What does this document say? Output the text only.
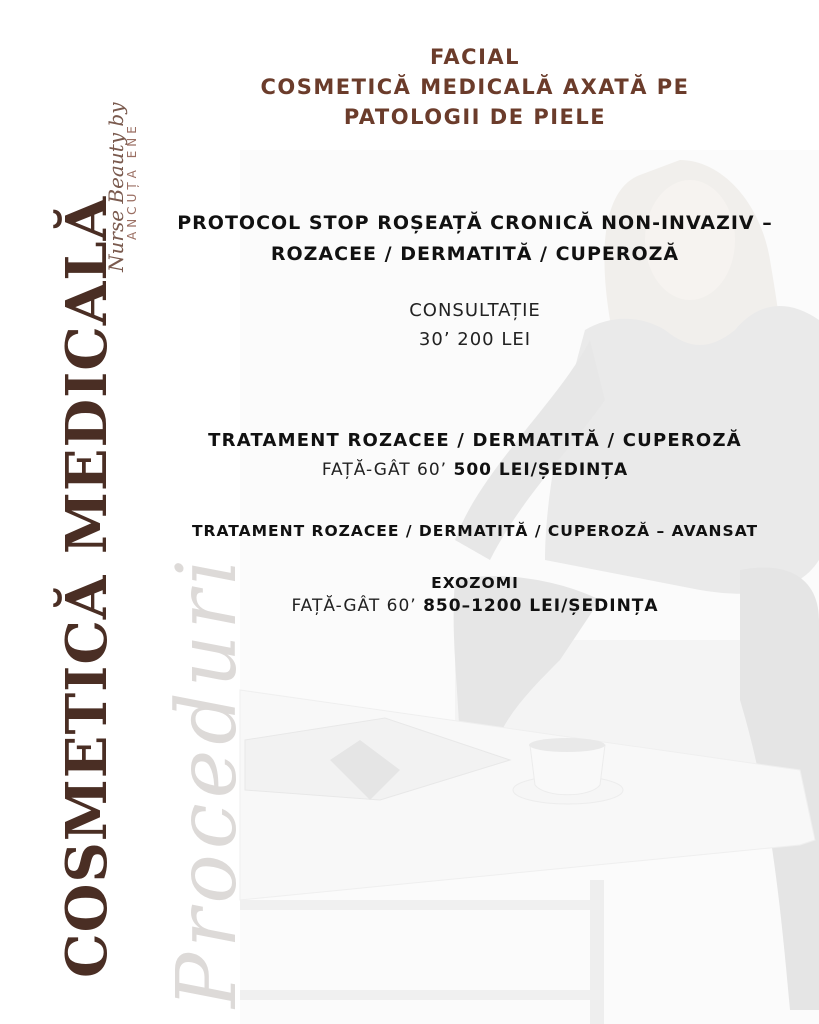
Proceduri
COSMETICĂ MEDICALĂ
Nurse Beauty by
ANCUȚA ENE
FACIAL
COSMETICĂ MEDICALĂ AXATĂ PE
PATOLOGII DE PIELE
PROTOCOL STOP ROȘEAȚĂ CRONICĂ NON-INVAZIV –
ROZACEE / DERMATITĂ / CUPEROZĂ
CONSULTAȚIE
30’ 200 LEI
TRATAMENT ROZACEE / DERMATITĂ / CUPEROZĂ
FAȚĂ-GÂT 60’ 500 LEI/ȘEDINȚA
TRATAMENT ROZACEE / DERMATITĂ / CUPEROZĂ – AVANSAT
EXOZOMI
FAȚĂ-GÂT 60’ 850–1200 LEI/ȘEDINȚA
